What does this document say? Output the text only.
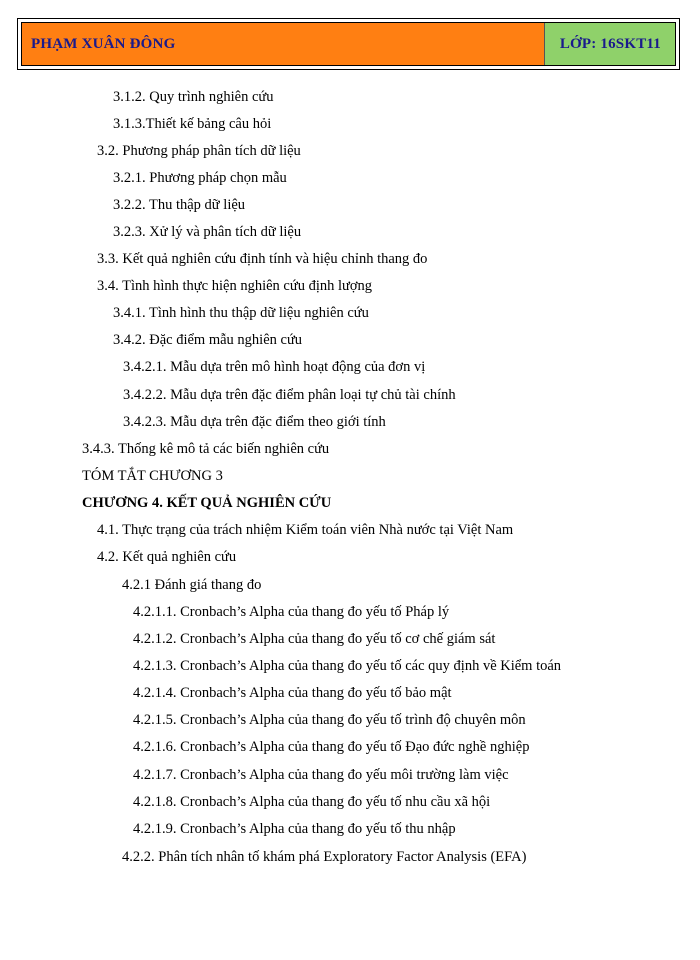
PHẠM XUÂN ĐÔNG	LỚP: 16SKT11
3.1.2. Quy trình nghiên cứu
3.1.3.Thiết kế bảng câu hỏi
3.2. Phương pháp phân tích dữ liệu
3.2.1. Phương pháp chọn mẫu
3.2.2. Thu thập dữ liệu
3.2.3. Xử lý và phân tích dữ liệu
3.3. Kết quả nghiên cứu định tính và hiệu chỉnh thang đo
3.4. Tình hình thực hiện nghiên cứu định lượng
3.4.1. Tình hình thu thập dữ liệu nghiên cứu
3.4.2. Đặc điểm mẫu nghiên cứu
3.4.2.1. Mẫu dựa trên mô hình hoạt động của đơn vị
3.4.2.2. Mẫu dựa trên đặc điểm phân loại tự chủ tài chính
3.4.2.3. Mẫu dựa trên đặc điểm theo giới tính
3.4.3. Thống kê mô tả các biến nghiên cứu
TÓM TẮT CHƯƠNG 3
CHƯƠNG 4. KẾT QUẢ NGHIÊN CỨU
4.1. Thực trạng của trách nhiệm Kiểm toán viên Nhà nước tại Việt Nam
4.2. Kết quả nghiên cứu
4.2.1 Đánh giá thang đo
4.2.1.1. Cronbach’s Alpha của thang đo yếu tố Pháp lý
4.2.1.2. Cronbach’s Alpha của thang đo yếu tố cơ chế giám sát
4.2.1.3. Cronbach’s Alpha của thang đo yếu tố các quy định về Kiểm toán
4.2.1.4. Cronbach’s Alpha của thang đo yếu tố bảo mật
4.2.1.5. Cronbach’s Alpha của thang đo yếu tố trình độ chuyên môn
4.2.1.6. Cronbach’s Alpha của thang đo yếu tố Đạo đức nghề nghiệp
4.2.1.7. Cronbach’s Alpha của thang đo yếu môi trường làm việc
4.2.1.8. Cronbach’s Alpha của thang đo yếu tố nhu cầu xã hội
4.2.1.9. Cronbach’s Alpha của thang đo yếu tố thu nhập
4.2.2. Phân tích nhân tố khám phá Exploratory Factor Analysis (EFA)
